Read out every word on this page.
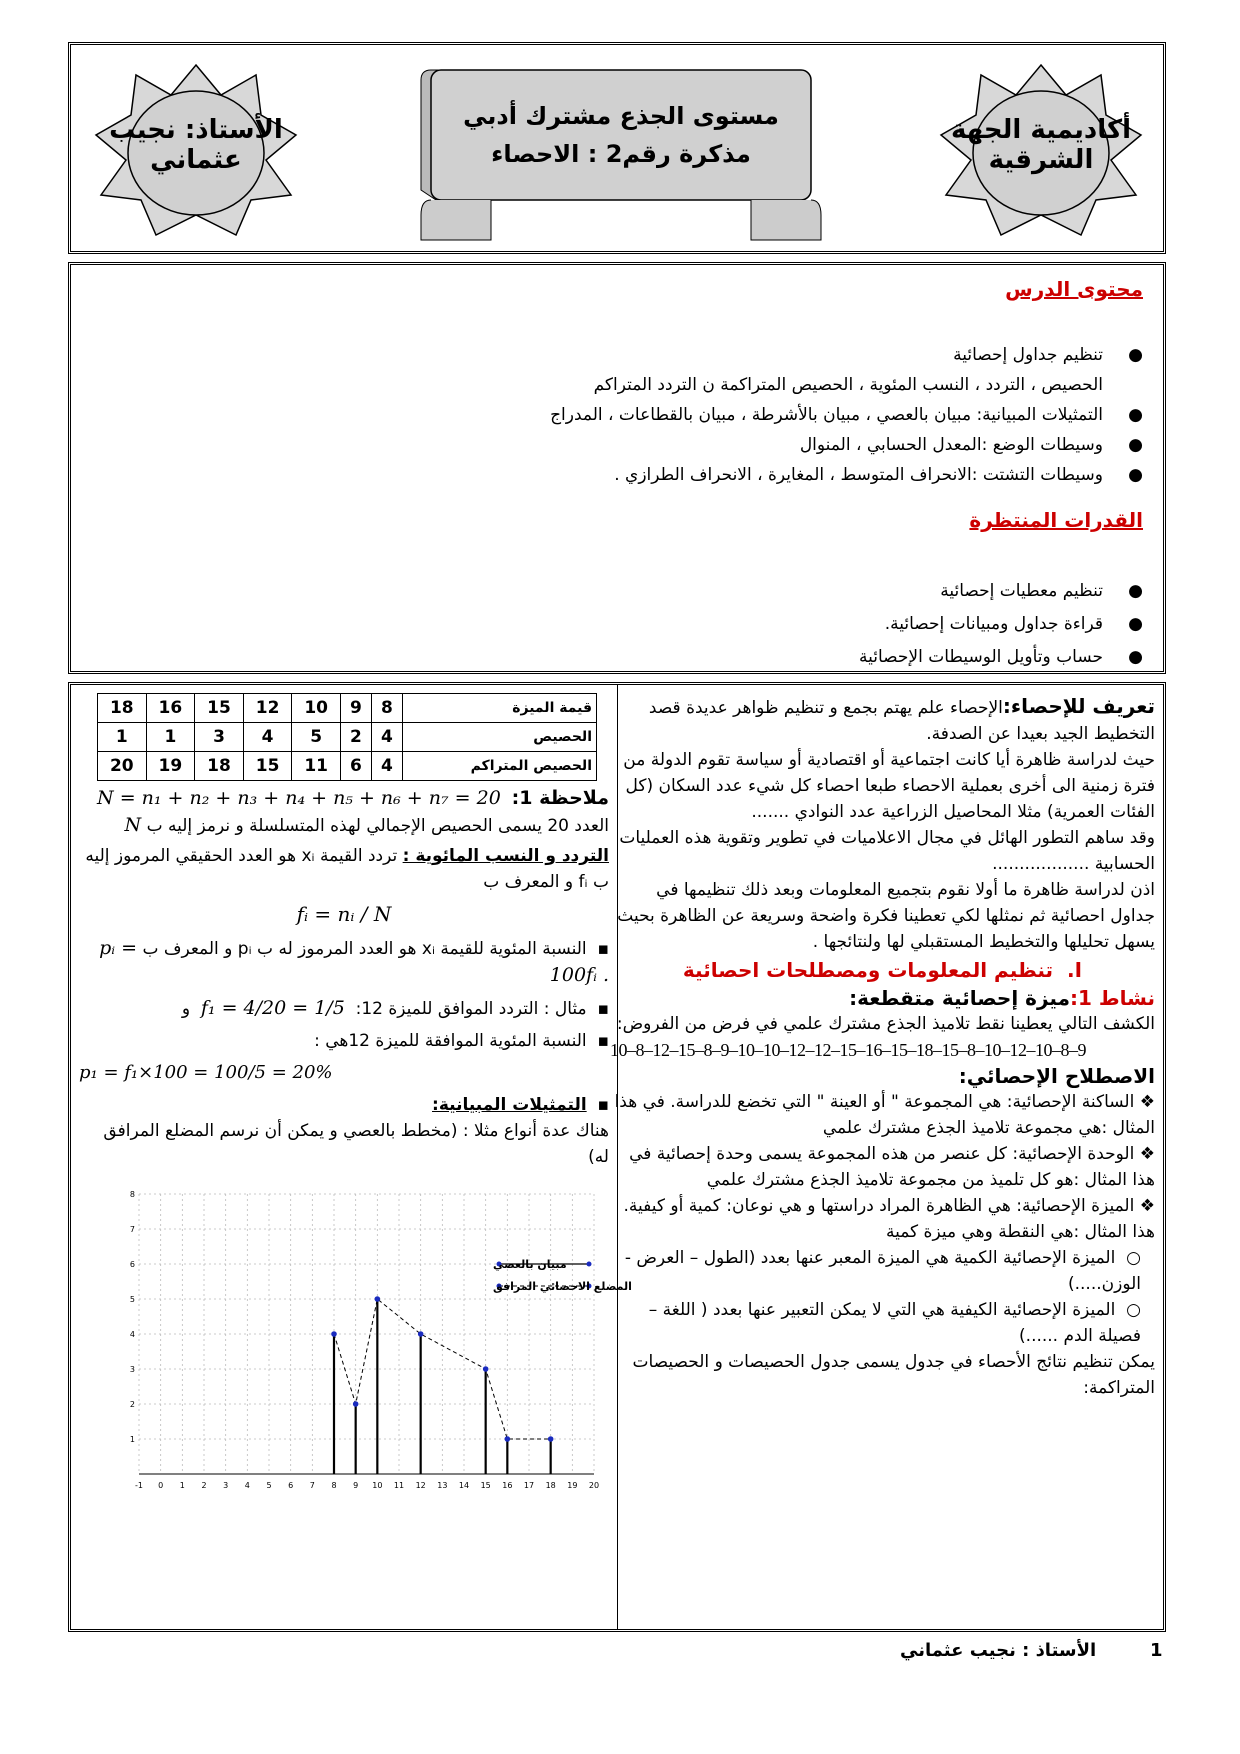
الأستاذ: نجيب عثماني
مستوى الجذع مشترك أدبي
مذكرة رقم2 : الاحصاء
أكاديمية الجهة الشرقية
محتوى الدرس
●
تنظيم جداول إحصائية
الحصيص ، التردد ، النسب المئوية ، الحصيص المتراكمة ن التردد المتراكم
●
التمثيلات المبيانية: مبيان بالعصي ، مبيان بالأشرطة ، مبيان بالقطاعات ، المدراج
●
وسيطات الوضع :المعدل الحسابي ، المنوال
●
وسيطات التشتت :الانحراف المتوسط ، المغايرة ، الانحراف الطرازي .
القدرات المنتظرة
●
تنظيم معطيات إحصائية
●
قراءة جداول ومبيانات إحصائية.
●
حساب وتأويل الوسيطات الإحصائية

تعريف للإحصاء:الإحصاء علم يهتم بجمع و تنظيم ظواهر عديدة قصد التخطيط الجيد بعيدا عن الصدفة.

حيث لدراسة ظاهرة أيا كانت اجتماعية أو اقتصادية أو سياسة تقوم الدولة من فترة زمنية الى أخرى بعملية الاحصاء طبعا احصاء كل شيء عدد السكان (كل الفئات العمرية) مثلا المحاصيل الزراعية عدد النوادي .......

وقد ساهم التطور الهائل في مجال الاعلاميات في تطوير وتقوية هذه العمليات الحسابية ..................

اذن لدراسة ظاهرة ما أولا نقوم بتجميع المعلومات وبعد ذلك تنظيمها في جداول احصائية ثم نمثلها لكي تعطينا فكرة واضحة وسريعة عن الظاهرة بحيث يسهل تحليلها والتخطيط المستقبلي لها ولنتائجها .

I.  تنظيم المعلومات ومصطلحات احصائية

نشاط 1:ميزة إحصائية متقطعة:

الكشف التالي يعطينا نقط تلاميذ الجذع مشترك علمي في فرض من الفروض:

10–8–12–15–8–9–10–10–12–12–15–16–15–18–15–8–10–12–10–8–9

الاصطلاح الإحصائي:

❖ الساكنة الإحصائية: هي المجموعة " أو العينة " التي تخضع للدراسة. في هذا المثال :هي مجموعة تلاميذ الجذع مشترك علمي

❖ الوحدة الإحصائية: كل عنصر من هذه المجموعة يسمى وحدة إحصائية في هذا المثال :هو كل تلميذ من مجموعة تلاميذ الجذع مشترك علمي

❖ الميزة الإحصائية: هي الظاهرة المراد دراستها و هي نوعان: كمية أو كيفية. هذا المثال :هي النقطة وهي ميزة كمية

○  الميزة الإحصائية الكمية هي الميزة المعبر عنها بعدد (الطول – العرض - الوزن.....)

○  الميزة الإحصائية الكيفية هي التي لا يمكن التعبير عنها بعدد ( اللغة – فصيلة الدم ......)

يمكن تنظيم نتائج الأحصاء في جدول يسمى جدول الحصيصات و الحصيصات المتراكمة:

18	16	15	12	10	9	8	قيمة الميزة
1	1	3	4	5	2	4	الحصيص
20	19	18	15	11	6	4	الحصيص المتراكم

ملاحظة 1:  N = n₁ + n₂ + n₃ + n₄ + n₅ + n₆ + n₇ = 20

العدد 20 يسمى الحصيص الإجمالي لهذه المتسلسلة و نرمز إليه ب N

التردد و النسب المائوية : تردد القيمة xᵢ هو العدد الحقيقي المرموز إليه ب fᵢ و المعرف ب

fᵢ = nᵢ / N

▪  النسبة المئوية للقيمة xᵢ هو العدد المرموز له ب pᵢ و المعرف ب pᵢ = 100fᵢ .

▪  مثال : التردد الموافق للميزة 12:  f₁ = 4/20 = 1/5  و

▪  النسبة المئوية الموافقة للميزة 12هي :

p₁ = f₁×100 = 100/5 = 20%

▪  التمثيلات المبيانية:

هناك عدة أنواع مثلا : (مخطط بالعصي و يمكن أن نرسم المضلع المرافق له)

-1 0 1 2 3 4 5 6 7 8 9 10 11 12 13 14 15 16 17 18 19 20
1
2
3
4
5
6
7
8
مبيان بالعصي
المضلع الاحصائي المرافق
1
الأستاذ : نجيب عثماني
